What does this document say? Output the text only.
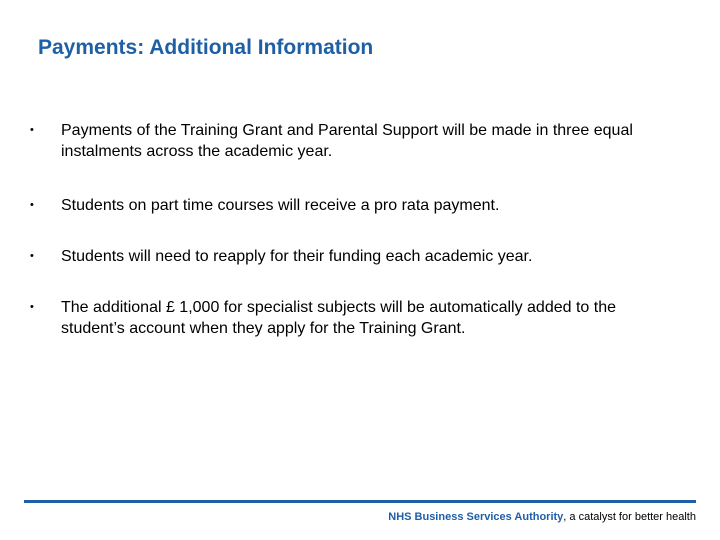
Payments: Additional Information
• Payments of the Training Grant and Parental Support will be made in three equal instalments across the academic year.
• Students on part time courses will receive a pro rata payment.
• Students will need to reapply for their funding each academic year.
• The additional £ 1,000 for specialist subjects will be automatically added to the student’s account when they apply for the Training Grant.
NHS Business Services Authority, a catalyst for better health
